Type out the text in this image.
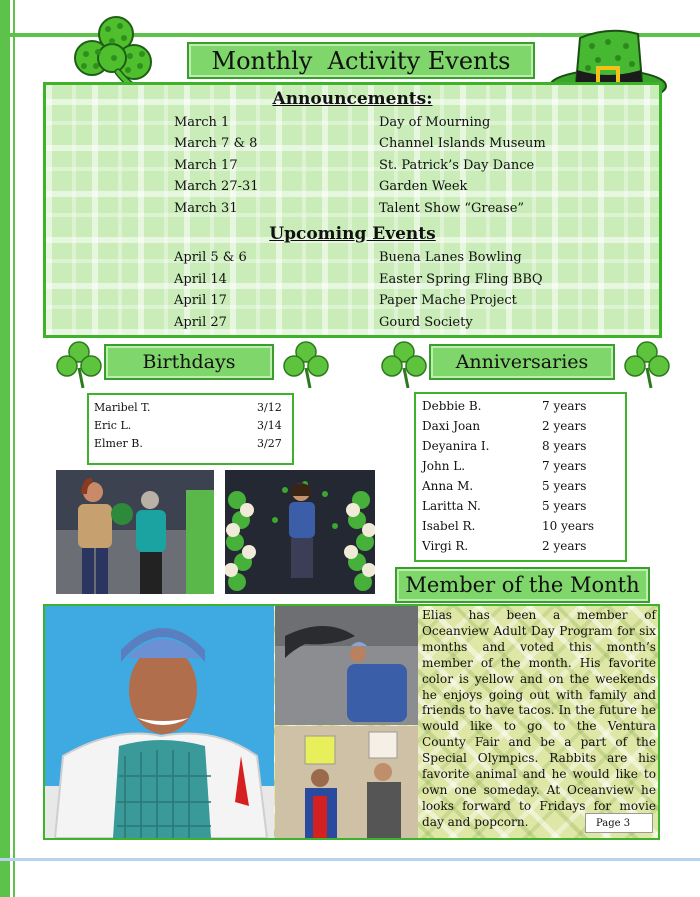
Monthly  Activity Events
Announcements:
March 1	Day of Mourning
March 7 & 8	Channel Islands Museum
March 17	St. Patrick’s Day Dance
March 27-31	Garden Week
March 31	Talent Show “Grease”
Upcoming Events
April 5 & 6	Buena Lanes Bowling
April 14	Easter Spring Fling BBQ
April 17	Paper Mache Project
April 27	Gourd Society
Birthdays	Anniversaries
Maribel T.	3/12
Eric L.	3/14
Elmer B.	3/27
Debbie B.	7 years
Daxi Joan	2 years
Deyanira I.	8 years
John L.	7 years
Anna M.	5 years
Laritta N.	5 years
Isabel R.	10 years
Virgi R.	2 years
Member of the Month
Elias has been a member of Oceanview Adult Day Program for six months and voted this month’s member of the month. His favorite color is yellow and on the weekends he enjoys going out with family and friends to have tacos. In the future he would like to go to the Ventura County Fair and be a part of the Special Olympics. Rabbits are his favorite animal and he would like to own one someday. At Oceanview he looks forward to Fridays for movie day and popcorn.	Page 3
